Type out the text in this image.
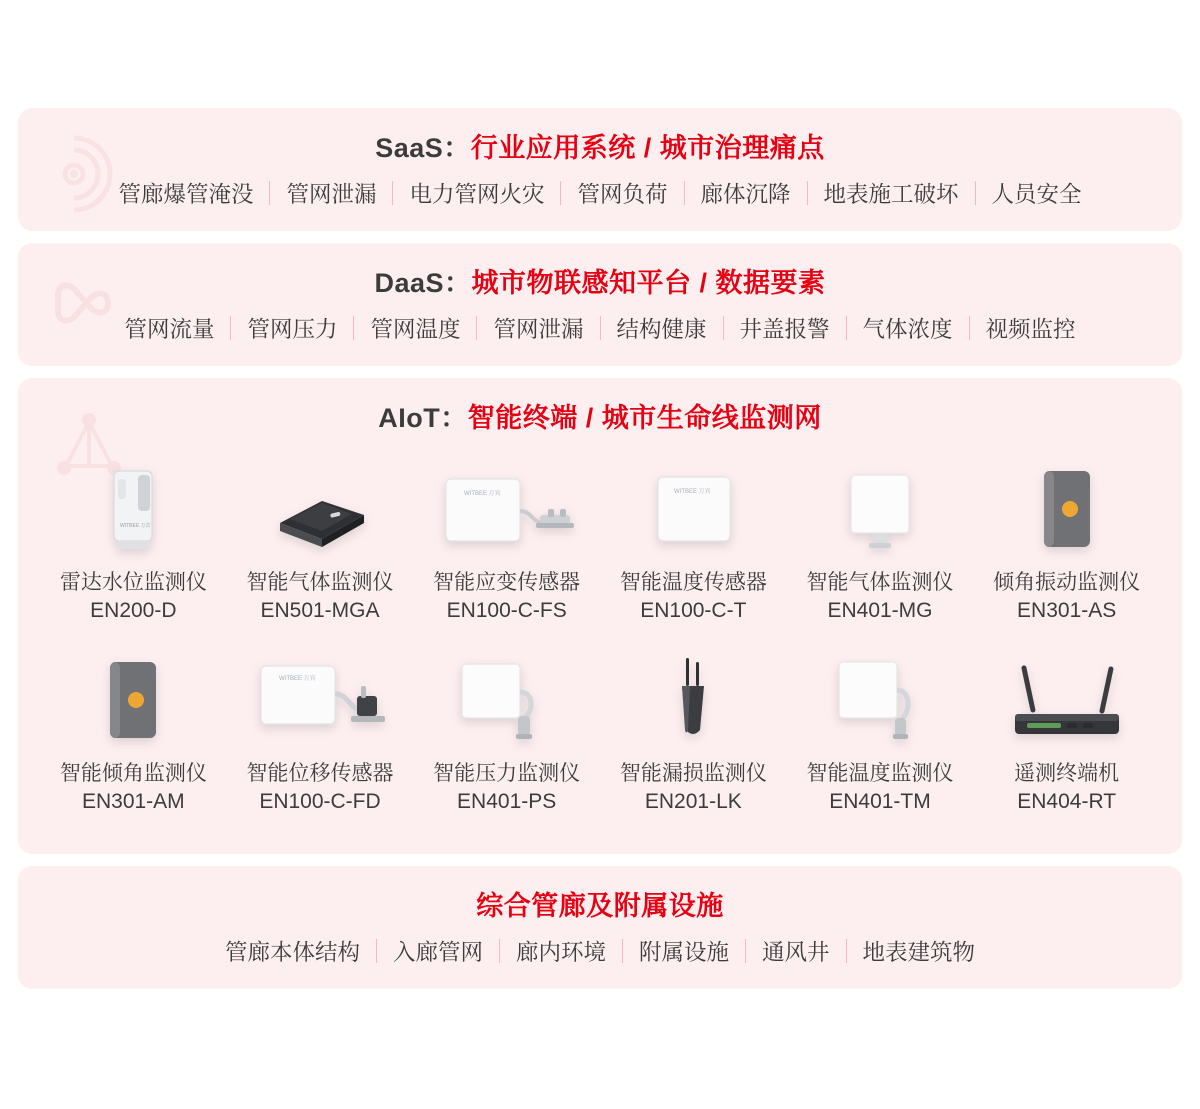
SaaS：行业应用系统 / 城市治理痛点
管廊爆管淹没	管网泄漏	电力管网火灾	管网负荷	廊体沉降	地表施工破坏	人员安全
DaaS：城市物联感知平台 / 数据要素
管网流量	管网压力	管网温度	管网泄漏	结构健康	井盖报警	气体浓度	视频监控
AIoT：智能终端 / 城市生命线监测网
WITBEE 万宾
雷达水位监测仪
EN200-D
智能气体监测仪
EN501-MGA
WITBEE 万宾
智能应变传感器
EN100-C-FS
WITBEE 万宾
智能温度传感器
EN100-C-T
智能气体监测仪
EN401-MG
倾角振动监测仪
EN301-AS
智能倾角监测仪
EN301-AM
WITBEE 万宾
智能位移传感器
EN100-C-FD
智能压力监测仪
EN401-PS
智能漏损监测仪
EN201-LK
智能温度监测仪
EN401-TM
遥测终端机
EN404-RT
综合管廊及附属设施
管廊本体结构	入廊管网	廊内环境	附属设施	通风井	地表建筑物
